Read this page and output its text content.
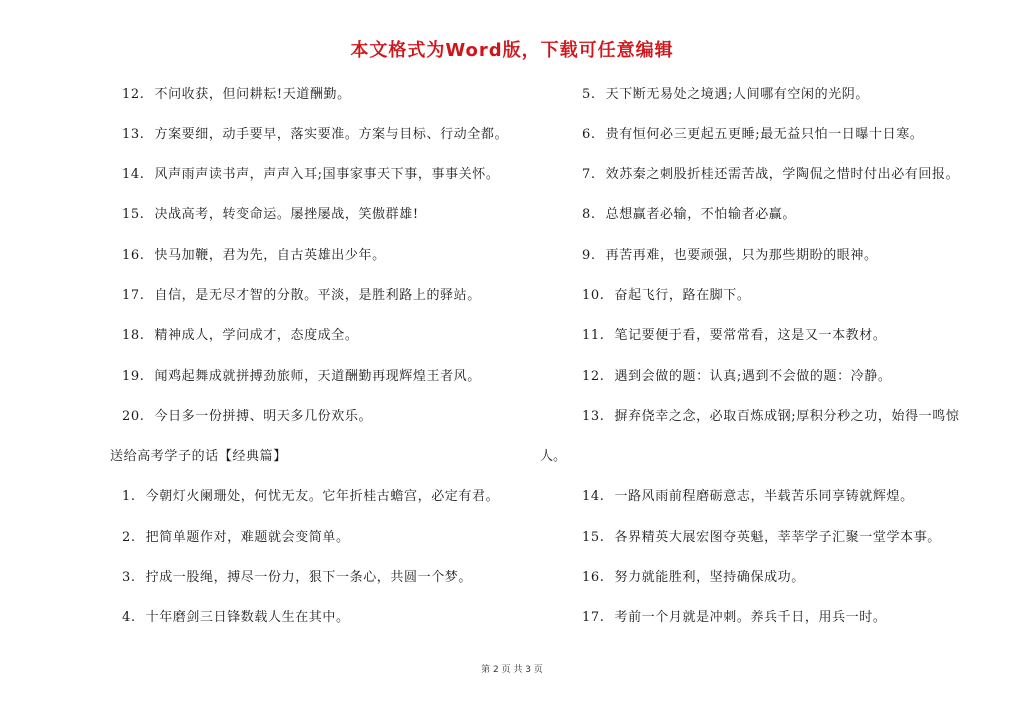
本文格式为Word版，下载可任意编辑
12. 不问收获，但问耕耘!天道酬勤。
13. 方案要细，动手要早，落实要准。方案与目标、行动全都。
14. 风声雨声读书声，声声入耳;国事家事天下事，事事关怀。
15. 决战高考，转变命运。屡挫屡战，笑傲群雄!
16. 快马加鞭，君为先，自古英雄出少年。
17. 自信，是无尽才智的分散。平淡，是胜利路上的驿站。
18. 精神成人，学问成才，态度成全。
19. 闻鸡起舞成就拼搏劲旅师，天道酬勤再现辉煌王者风。
20. 今日多一份拼搏、明天多几份欢乐。
送给高考学子的话【经典篇】
1. 今朝灯火阑珊处，何忧无友。它年折桂古蟾宫，必定有君。
2. 把简单题作对，难题就会变简单。
3. 拧成一股绳，搏尽一份力，狠下一条心，共圆一个梦。
4. 十年磨剑三日锋数载人生在其中。
5. 天下断无易处之境遇;人间哪有空闲的光阴。
6. 贵有恒何必三更起五更睡;最无益只怕一日曝十日寒。
7. 效苏秦之刺股折桂还需苦战，学陶侃之惜时付出必有回报。
8. 总想赢者必输，不怕输者必赢。
9. 再苦再难，也要顽强，只为那些期盼的眼神。
10. 奋起飞行，路在脚下。
11. 笔记要便于看，要常常看，这是又一本教材。
12. 遇到会做的题：认真;遇到不会做的题：冷静。
13. 摒弃侥幸之念，必取百炼成钢;厚积分秒之功，始得一鸣惊
14. 一路风雨前程磨砺意志，半载苦乐同享铸就辉煌。
15. 各界精英大展宏图夺英魁，莘莘学子汇聚一堂学本事。
16. 努力就能胜利，坚持确保成功。
17. 考前一个月就是冲刺。养兵千日，用兵一时。
人。
第 2 页 共 3 页
